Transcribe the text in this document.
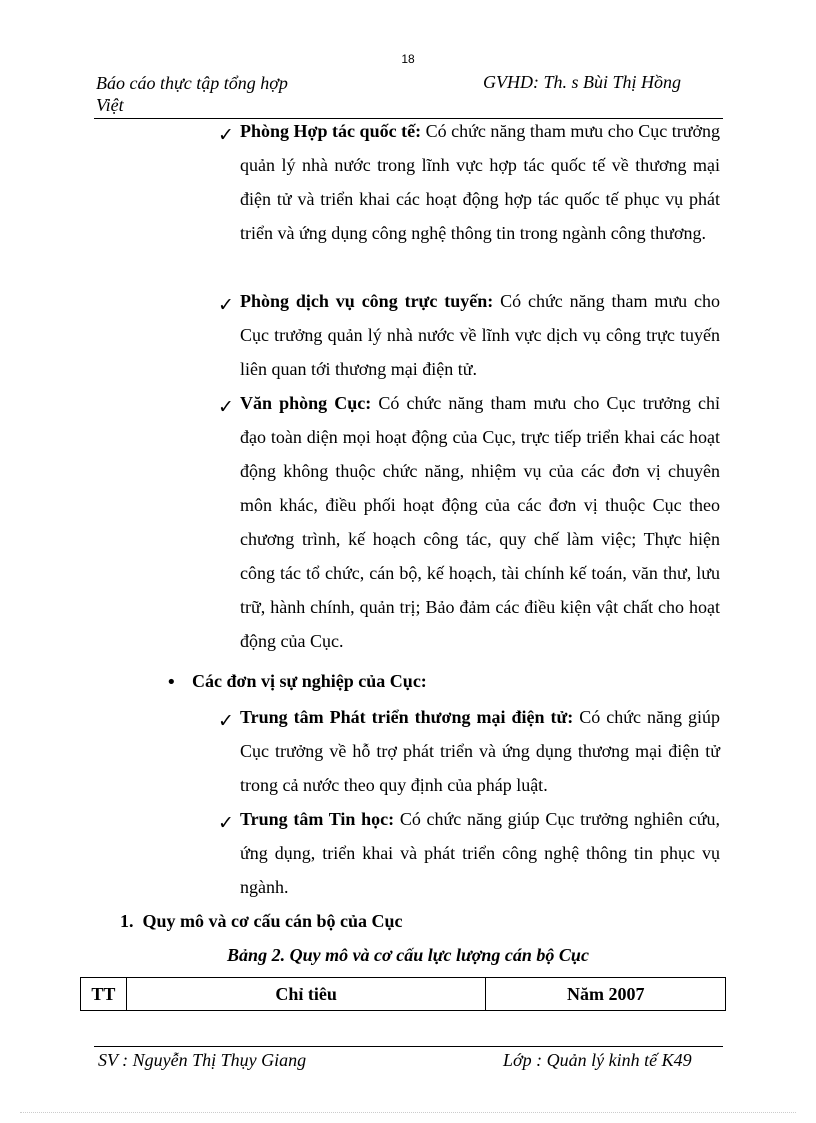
18
Báo cáo thực tập tổng hợp
Việt
GVHD: Th. s Bùi Thị Hồng
✓ Phòng Hợp tác quốc tế: Có chức năng tham mưu cho Cục trưởng quản lý nhà nước trong lĩnh vực hợp tác quốc tế về thương mại điện tử và triển khai các hoạt động hợp tác quốc tế phục vụ phát triển và ứng dụng công nghệ thông tin trong ngành công thương.
✓ Phòng dịch vụ công trực tuyến: Có chức năng tham mưu cho Cục trưởng quản lý nhà nước về lĩnh vực dịch vụ công trực tuyến liên quan tới thương mại điện tử.
✓ Văn phòng Cục: Có chức năng tham mưu cho Cục trưởng chỉ đạo toàn diện mọi hoạt động của Cục, trực tiếp triển khai các hoạt động không thuộc chức năng, nhiệm vụ của các đơn vị chuyên môn khác, điều phối hoạt động của các đơn vị thuộc Cục theo chương trình, kế hoạch công tác, quy chế làm việc; Thực hiện công tác tổ chức, cán bộ, kế hoạch, tài chính kế toán, văn thư, lưu trữ, hành chính, quản trị; Bảo đảm các điều kiện vật chất cho hoạt động của Cục.
• Các đơn vị sự nghiệp của Cục:
✓ Trung tâm Phát triển thương mại điện tử: Có chức năng giúp Cục trưởng về hỗ trợ phát triển và ứng dụng thương mại điện tử trong cả nước theo quy định của pháp luật.
✓ Trung tâm Tin học: Có chức năng giúp Cục trưởng nghiên cứu, ứng dụng, triển khai và phát triển công nghệ thông tin phục vụ ngành.
1. Quy mô và cơ cấu cán bộ của Cục
Bảng 2. Quy mô và cơ cấu lực lượng cán bộ Cục
TT	Chỉ tiêu	Năm 2007
SV : Nguyễn Thị Thụy Giang	Lớp : Quản lý kinh tế K49
